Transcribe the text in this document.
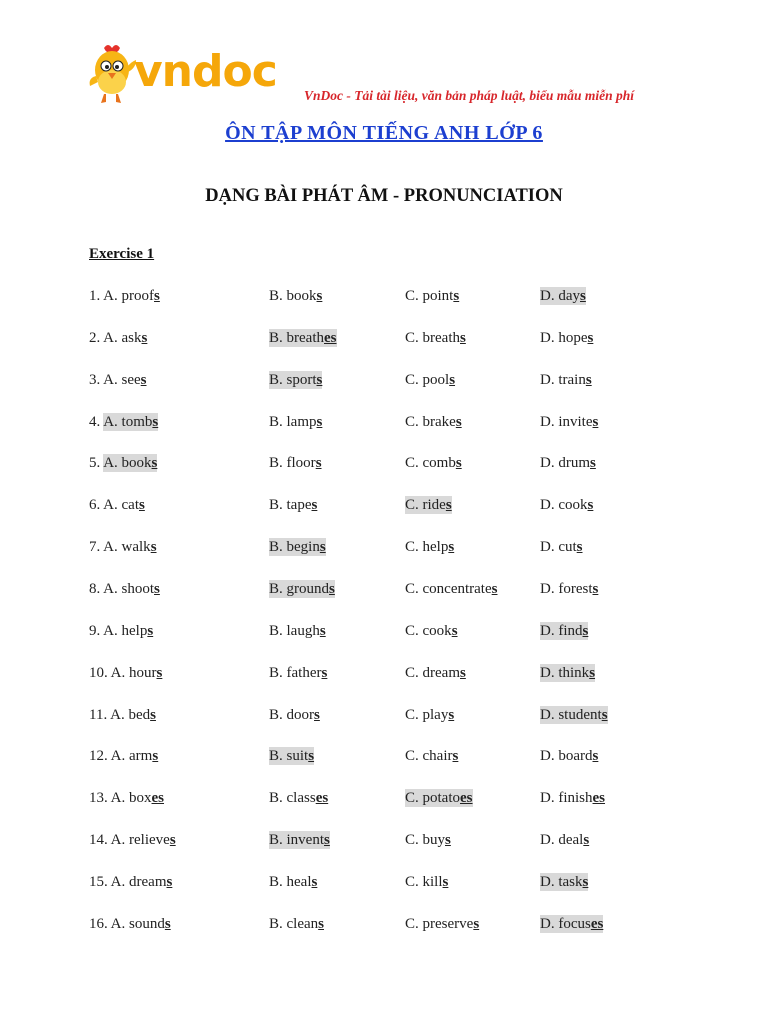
vndoc VnDoc - Tải tài liệu, văn bản pháp luật, biểu mẫu miễn phí
ÔN TẬP MÔN TIẾNG ANH LỚP 6
DẠNG BÀI PHÁT ÂM - PRONUNCIATION
Exercise 1
1. A. proofs	B. books	C. points	D. days
2. A. asks	B. breathes	C. breaths	D. hopes
3. A. sees	B. sports	C. pools	D. trains
4. A. tombs	B. lamps	C. brakes	D. invites
5. A. books	B. floors	C. combs	D. drums
6. A. cats	B. tapes	C. rides	D. cooks
7. A. walks	B. begins	C. helps	D. cuts
8. A. shoots	B. grounds	C. concentrates	D. forests
9. A. helps	B. laughs	C. cooks	D. finds
10. A. hours	B. fathers	C. dreams	D. thinks
11. A. beds	B. doors	C. plays	D. students
12. A. arms	B. suits	C. chairs	D. boards
13. A. boxes	B. classes	C. potatoes	D. finishes
14. A. relieves	B. invents	C. buys	D. deals
15. A. dreams	B. heals	C. kills	D. tasks
16. A. sounds	B. cleans	C. preserves	D. focuses
